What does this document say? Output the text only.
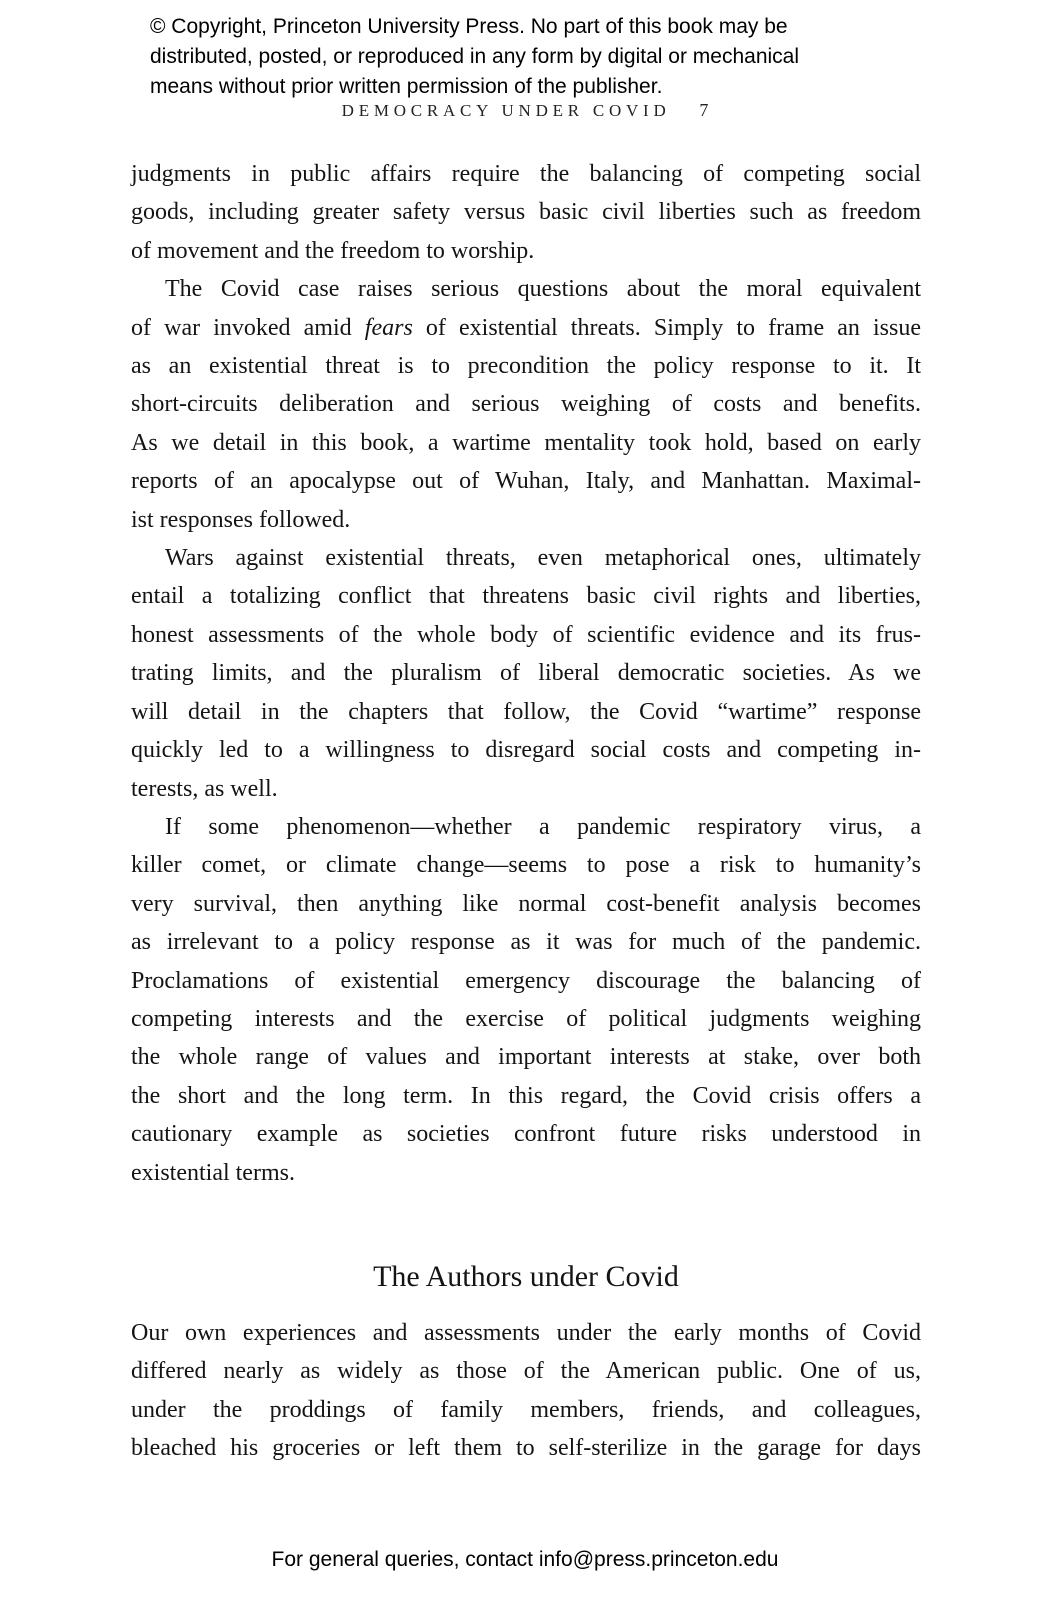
© Copyright, Princeton University Press. No part of this book may be
distributed, posted, or reproduced in any form by digital or mechanical
means without prior written permission of the publisher.
DEMOCRACY UNDER COVID 7
judgments in public affairs require the balancing of competing social
goods, including greater safety versus basic civil liberties such as freedom
of movement and the freedom to worship.
The Covid case raises serious questions about the moral equivalent
of war invoked amid fears of existential threats. Simply to frame an issue
as an existential threat is to precondition the policy response to it. It
short-circuits deliberation and serious weighing of costs and benefits.
As we detail in this book, a wartime mentality took hold, based on early
reports of an apocalypse out of Wuhan, Italy, and Manhattan. Maximal-
ist responses followed.
Wars against existential threats, even metaphorical ones, ultimately
entail a totalizing conflict that threatens basic civil rights and liberties,
honest assessments of the whole body of scientific evidence and its frus-
trating limits, and the pluralism of liberal democratic societies. As we
will detail in the chapters that follow, the Covid “wartime” response
quickly led to a willingness to disregard social costs and competing in-
terests, as well.
If some phenomenon—whether a pandemic respiratory virus, a
killer comet, or climate change—seems to pose a risk to humanity’s
very survival, then anything like normal cost-benefit analysis becomes
as irrelevant to a policy response as it was for much of the pandemic.
Proclamations of existential emergency discourage the balancing of
competing interests and the exercise of political judgments weighing
the whole range of values and important interests at stake, over both
the short and the long term. In this regard, the Covid crisis offers a
cautionary example as societies confront future risks understood in
existential terms.
The Authors under Covid
Our own experiences and assessments under the early months of Covid
differed nearly as widely as those of the American public. One of us,
under the proddings of family members, friends, and colleagues,
bleached his groceries or left them to self-sterilize in the garage for days
For general queries, contact info@press.princeton.edu
